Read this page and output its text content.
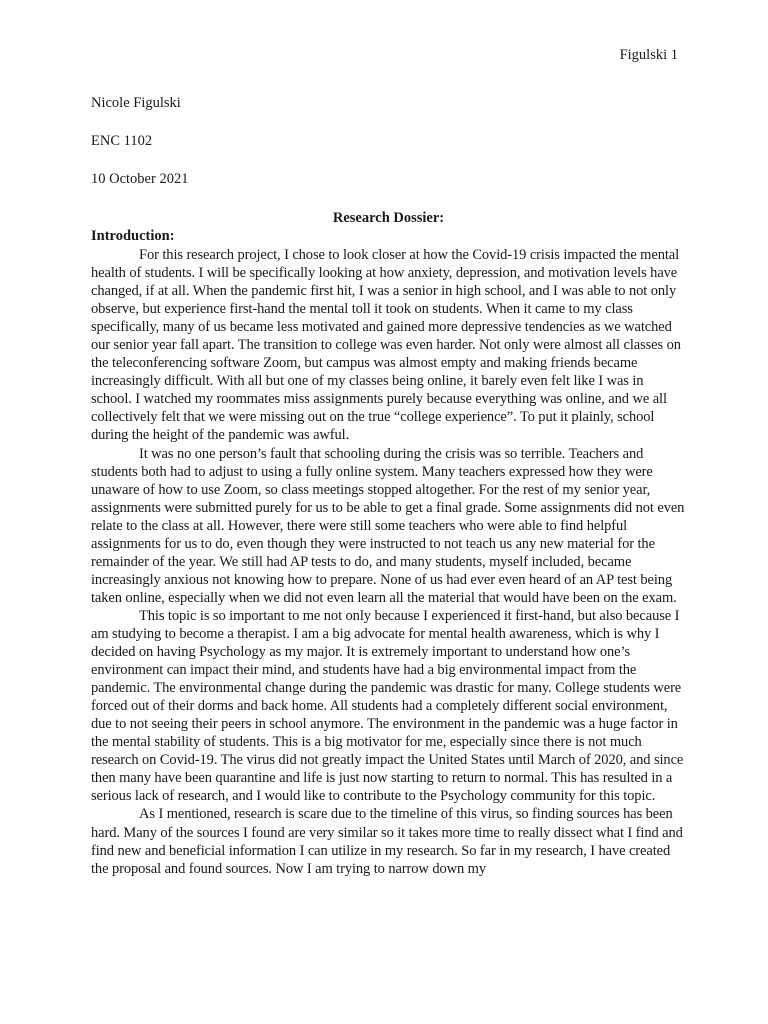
Figulski 1

Nicole Figulski

ENC 1102

10 October 2021

Research Dossier:

Introduction:

For this research project, I chose to look closer at how the Covid-19 crisis impacted the mental health of students. I will be specifically looking at how anxiety, depression, and motivation levels have changed, if at all. When the pandemic first hit, I was a senior in high school, and I was able to not only observe, but experience first-hand the mental toll it took on students. When it came to my class specifically, many of us became less motivated and gained more depressive tendencies as we watched our senior year fall apart. The transition to college was even harder. Not only were almost all classes on the teleconferencing software Zoom, but campus was almost empty and making friends became increasingly difficult. With all but one of my classes being online, it barely even felt like I was in school. I watched my roommates miss assignments purely because everything was online, and we all collectively felt that we were missing out on the true “college experience”. To put it plainly, school during the height of the pandemic was awful.

It was no one person’s fault that schooling during the crisis was so terrible. Teachers and students both had to adjust to using a fully online system. Many teachers expressed how they were unaware of how to use Zoom, so class meetings stopped altogether. For the rest of my senior year, assignments were submitted purely for us to be able to get a final grade. Some assignments did not even relate to the class at all. However, there were still some teachers who were able to find helpful assignments for us to do, even though they were instructed to not teach us any new material for the remainder of the year. We still had AP tests to do, and many students, myself included, became increasingly anxious not knowing how to prepare. None of us had ever even heard of an AP test being taken online, especially when we did not even learn all the material that would have been on the exam.

This topic is so important to me not only because I experienced it first-hand, but also because I am studying to become a therapist. I am a big advocate for mental health awareness, which is why I decided on having Psychology as my major. It is extremely important to understand how one’s environment can impact their mind, and students have had a big environmental impact from the pandemic. The environmental change during the pandemic was drastic for many. College students were forced out of their dorms and back home. All students had a completely different social environment, due to not seeing their peers in school anymore. The environment in the pandemic was a huge factor in the mental stability of students. This is a big motivator for me, especially since there is not much research on Covid-19. The virus did not greatly impact the United States until March of 2020, and since then many have been quarantine and life is just now starting to return to normal. This has resulted in a serious lack of research, and I would like to contribute to the Psychology community for this topic.

As I mentioned, research is scare due to the timeline of this virus, so finding sources has been hard. Many of the sources I found are very similar so it takes more time to really dissect what I find and find new and beneficial information I can utilize in my research. So far in my research, I have created the proposal and found sources. Now I am trying to narrow down my
